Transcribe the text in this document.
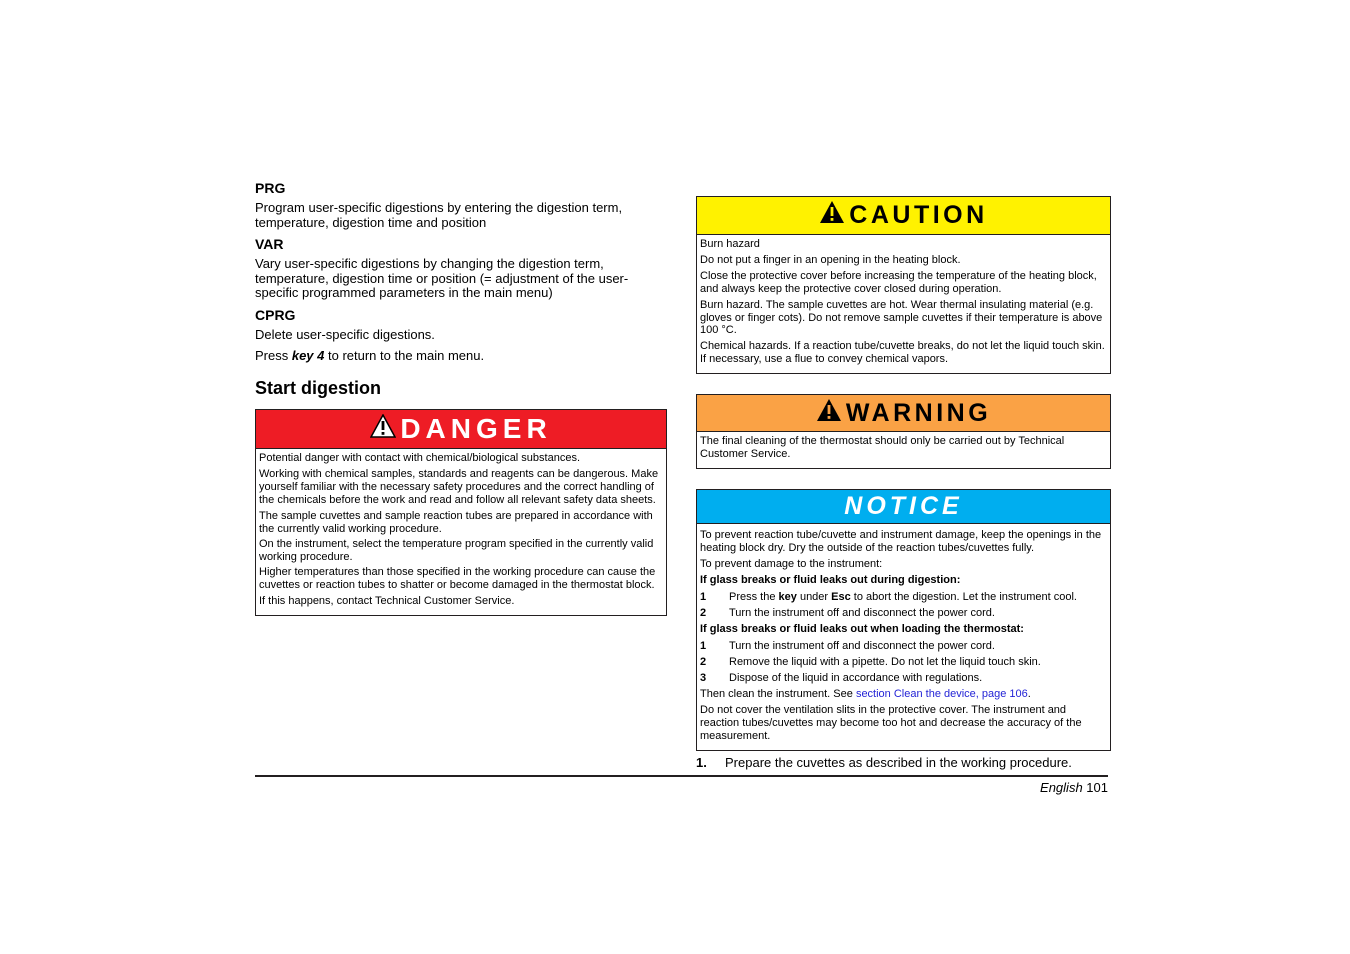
PRG
Program user-specific digestions by entering the digestion term, temperature, digestion time and position
VAR
Vary user-specific digestions by changing the digestion term, temperature, digestion time or position (= adjustment of the user-specific programmed parameters in the main menu)
CPRG
Delete user-specific digestions.
Press key 4 to return to the main menu.
Start digestion
DANGER
Potential danger with contact with chemical/biological substances.
Working with chemical samples, standards and reagents can be dangerous. Make yourself familiar with the necessary safety procedures and the correct handling of the chemicals before the work and read and follow all relevant safety data sheets.
The sample cuvettes and sample reaction tubes are prepared in accordance with the currently valid working procedure.
On the instrument, select the temperature program specified in the currently valid working procedure.
Higher temperatures than those specified in the working procedure can cause the cuvettes or reaction tubes to shatter or become damaged in the thermostat block.
If this happens, contact Technical Customer Service.
CAUTION
Burn hazard
Do not put a finger in an opening in the heating block.
Close the protective cover before increasing the temperature of the heating block, and always keep the protective cover closed during operation.
Burn hazard. The sample cuvettes are hot. Wear thermal insulating material (e.g. gloves or finger cots). Do not remove sample cuvettes if their temperature is above 100 °C.
Chemical hazards. If a reaction tube/cuvette breaks, do not let the liquid touch skin. If necessary, use a flue to convey chemical vapors.
WARNING
The final cleaning of the thermostat should only be carried out by Technical Customer Service.
NOTICE
To prevent reaction tube/cuvette and instrument damage, keep the openings in the heating block dry. Dry the outside of the reaction tubes/cuvettes fully.
To prevent damage to the instrument:
If glass breaks or fluid leaks out during digestion:
1	Press the key under Esc to abort the digestion. Let the instrument cool.
2	Turn the instrument off and disconnect the power cord.
If glass breaks or fluid leaks out when loading the thermostat:
1	Turn the instrument off and disconnect the power cord.
2	Remove the liquid with a pipette. Do not let the liquid touch skin.
3	Dispose of the liquid in accordance with regulations.
Then clean the instrument. See section Clean the device, page 106.
Do not cover the ventilation slits in the protective cover. The instrument and reaction tubes/cuvettes may become too hot and decrease the accuracy of the measurement.
1.	Prepare the cuvettes as described in the working procedure.
English 101
